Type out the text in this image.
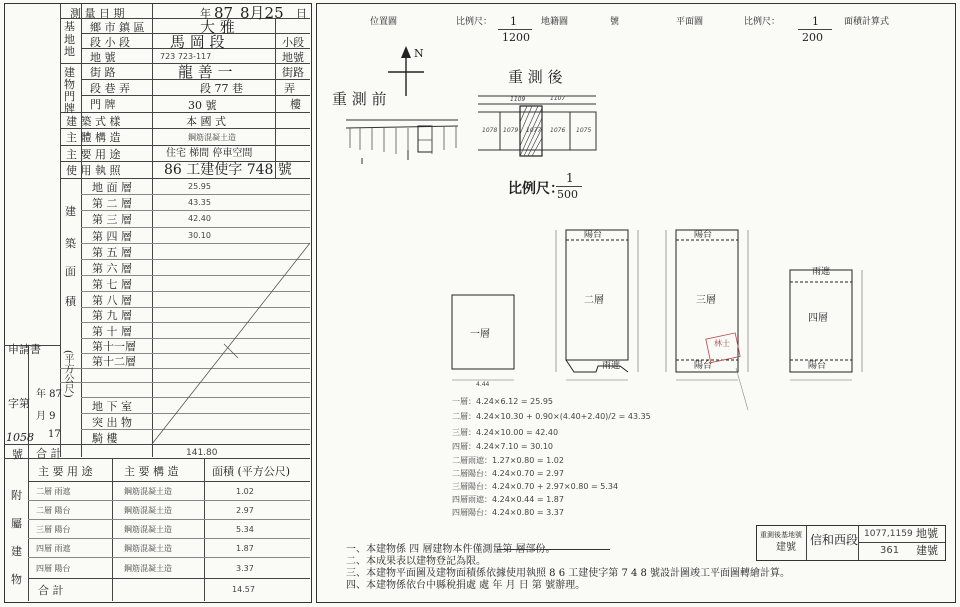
測 量 日 期	年 87 8月25 日
基
地
地
鄉 市 鎮 區	大 雅
段 小 段	馬 岡 段	小段
地 號	723 723-117	地號
建
物
門
牌
街 路	龍 善 一	街路
段 巷 弄	段 77 巷	弄
門 牌	30 號	樓
建 築 式 樣	本 國 式
主 體 構 造	鋼筋混凝土造
主 要 用 途	住宅 梯間 停車空間
使 用 執 照	86 工建使字 748 號
建
築
面
積
地 面 層	25.95
第 二 層	43.35
第 三 層	42.40
第 四 層	30.10
第 五 層
第 六 層
第 七 層
第 八 層
第 九 層
第 十 層
第十一層
第十二層
(平方公尺)
地 下 室
突 出 物
騎 樓
合 計	141.80
申請書
年 87
字第
月 9
17
1058
號
附
屬
建
物
主 要 用 途	主 要 構 造	面積 (平方公尺)
二層 雨遮	鋼筋混凝土造	1.02
二層 陽台	鋼筋混凝土造	2.97
三層 陽台	鋼筋混凝土造	5.34
四層 雨遮	鋼筋混凝土造	1.87
四層 陽台	鋼筋混凝土造	3.37
合 計	14.57
位置圖	比例尺： 1
1200
地籍圖	號	平面圖	比例尺：	1
200
面積計算式
N
重 測 前
重 測 後
1109	1107
1078 1079 1077 1076 1075
比例尺：
1
500
一層
二層
陽台
雨遮
三層
陽台
陽台
四層
雨遮
陽台
4.44
林士
一層：4.24×6.12 = 25.95
二層：4.24×10.30 + 0.90×(4.40+2.40)/2 = 43.35
三層：4.24×10.00 = 42.40
四層：4.24×7.10 = 30.10
二層雨遮：1.27×0.80 = 1.02
二層陽台：4.24×0.70 = 2.97
三層陽台：4.24×0.70 + 2.97×0.80 = 5.34
四層雨遮：4.24×0.44 = 1.87
四層陽台：4.24×0.80 = 3.37
重測後基地號
建號
信和西段 1077,1159 地號
361 建號
一、本建物係 四 層建物本件僅測量第 層部份。
二、本成果表以建物登記為限。
三、本建物平面圖及建物面積係依據使用執照 8 6 工建使字第 7 4 8 號設計圖竣工平面圖轉繪計算。
四、本建物係依台中縣稅捐處 處 年 月 日 第 號辦理。
